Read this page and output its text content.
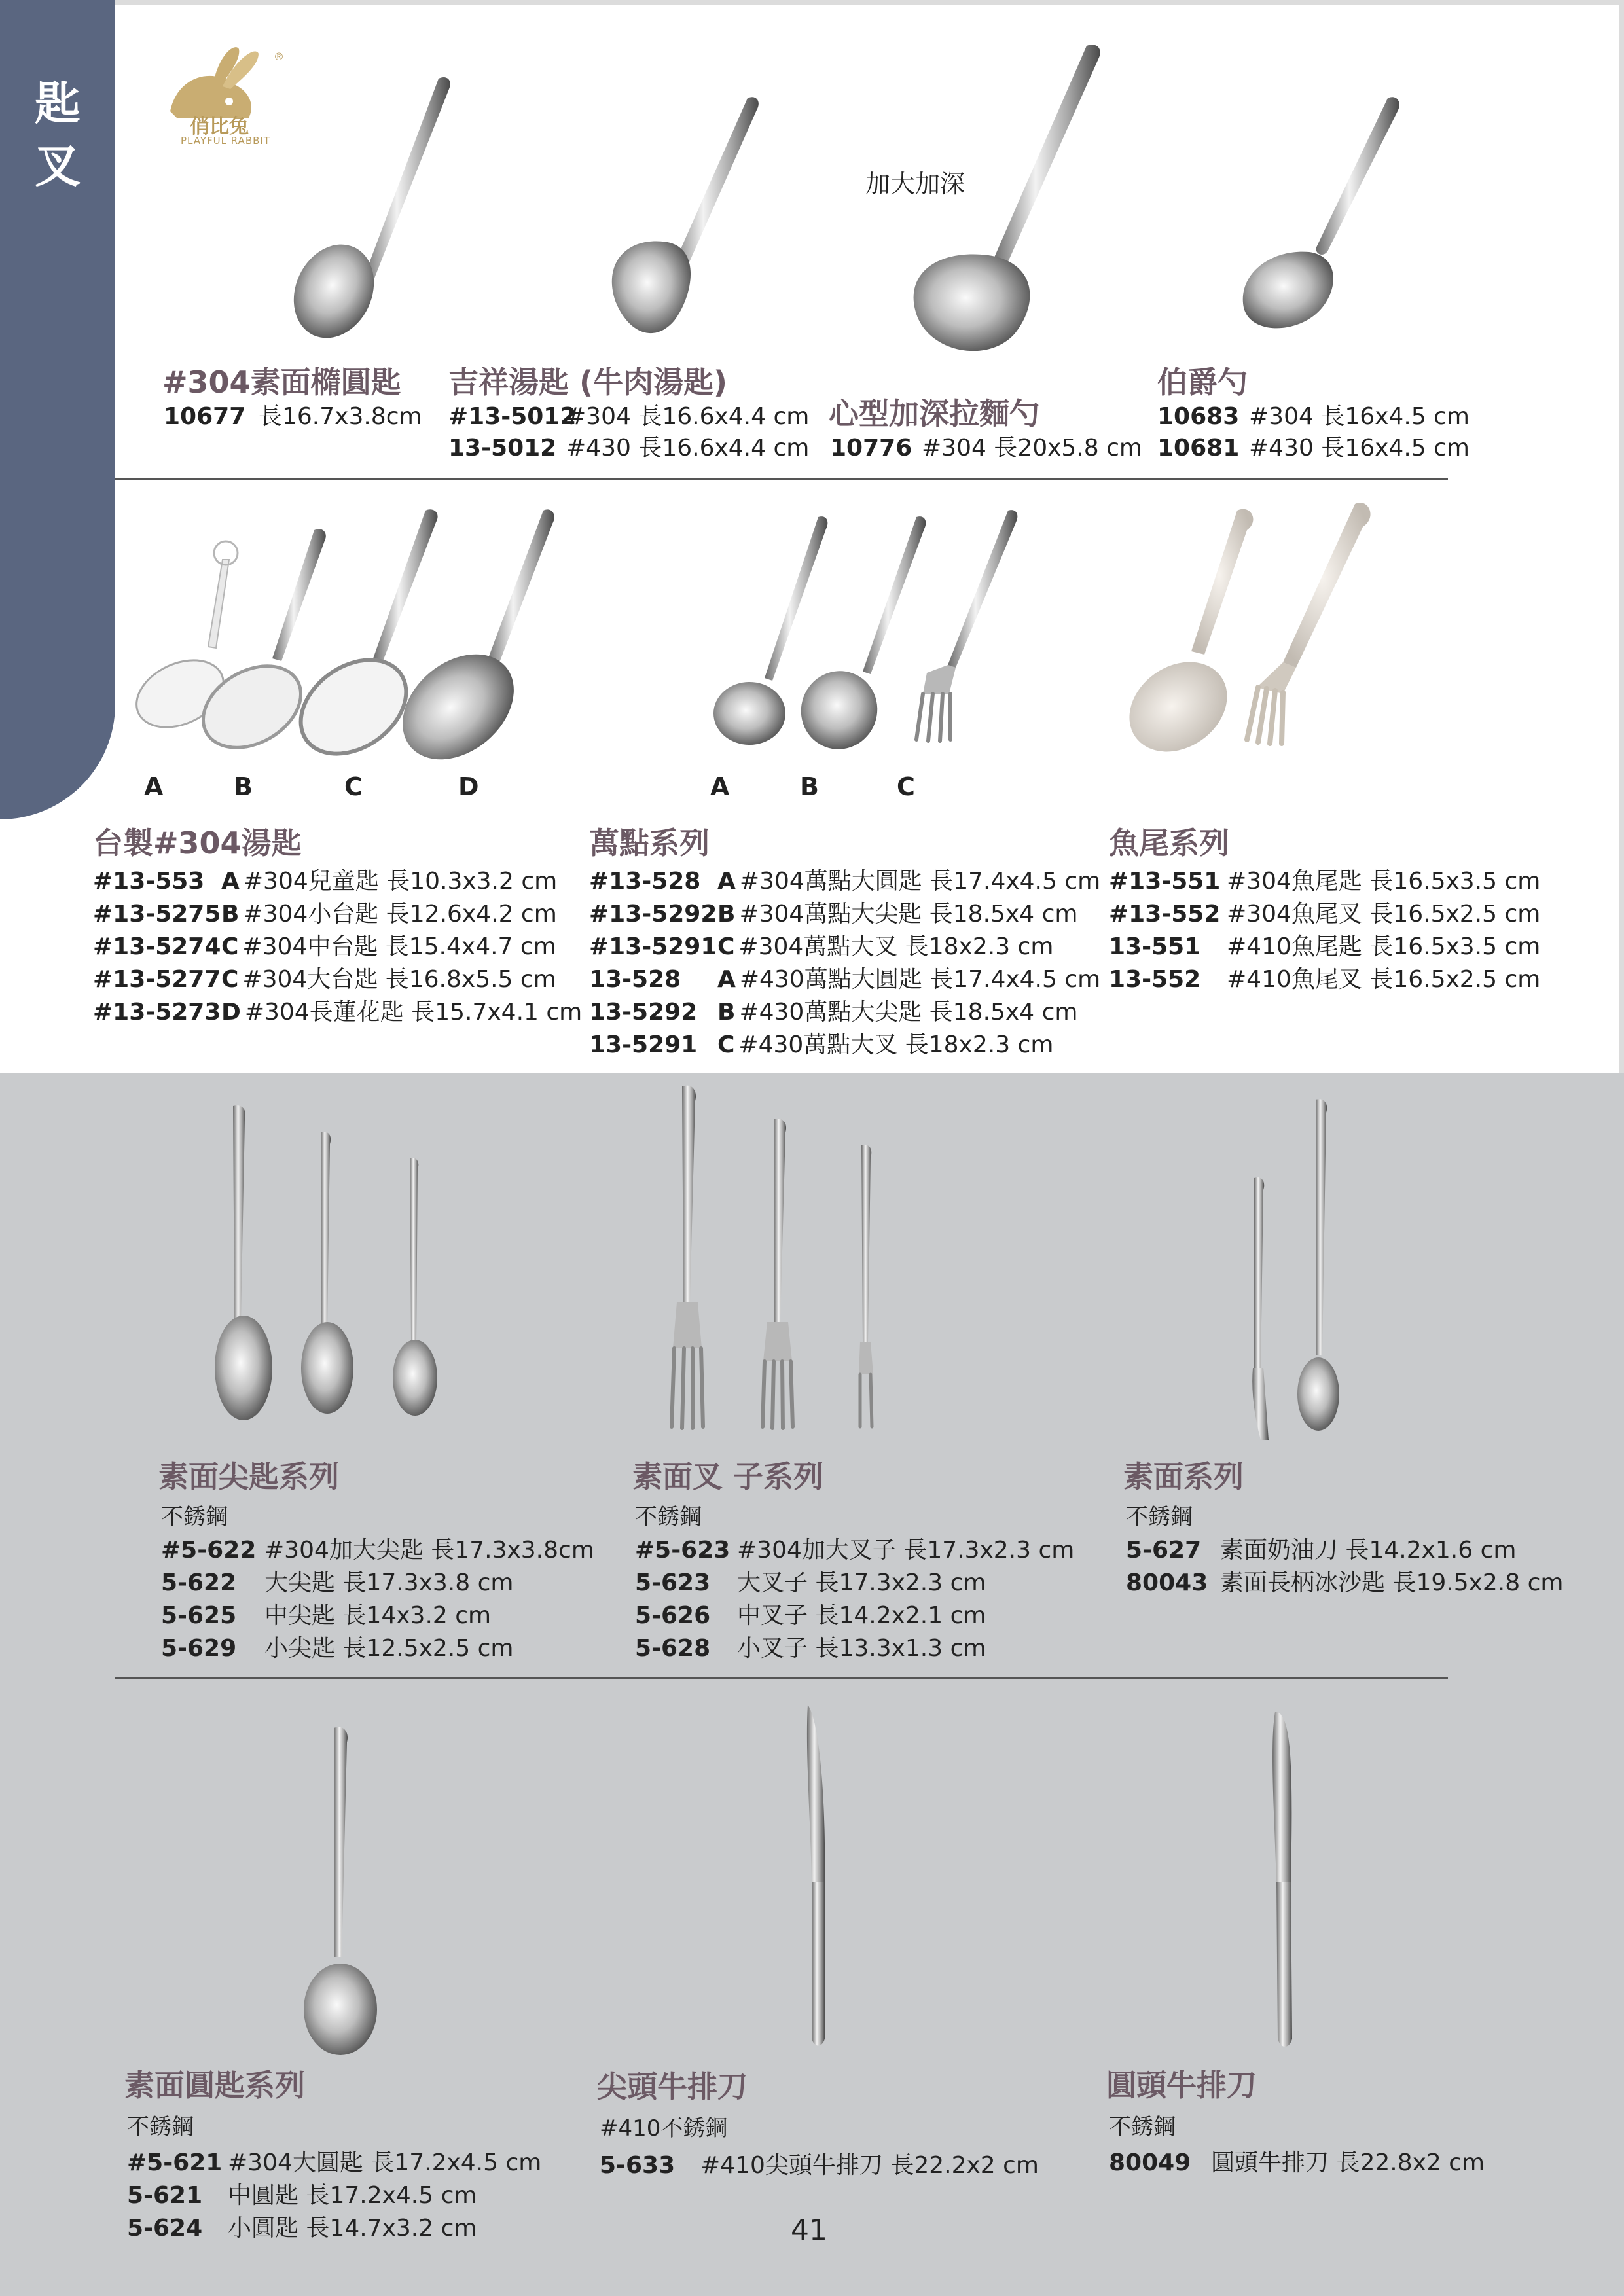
匙
叉
®
俏比兔
PLAYFUL RABBIT
加大加深
#304素面橢圓匙
10677 長16.7x3.8cm
吉祥湯匙 (牛肉湯匙)
#13-5012#304 長16.6x4.4 cm
13-5012 #430 長16.6x4.4 cm
心型加深拉麵勺
10776 #304 長20x5.8 cm
伯爵勺
10683 #304 長16x4.5 cm
10681 #430 長16x4.5 cm
A	B	C	D	A	B	C
台製#304湯匙
#13-553 A #304兒童匙 長10.3x3.2 cm
#13-5275B #304小台匙 長12.6x4.2 cm
#13-5274C #304中台匙 長15.4x4.7 cm
#13-5277C #304大台匙 長16.8x5.5 cm
#13-5273D #304長蓮花匙 長15.7x4.1 cm
萬點系列
#13-528 A #304萬點大圓匙 長17.4x4.5 cm
#13-5292B #304萬點大尖匙 長18.5x4 cm
#13-5291C #304萬點大叉 長18x2.3 cm
13-528 A #430萬點大圓匙 長17.4x4.5 cm
13-5292 B #430萬點大尖匙 長18.5x4 cm
13-5291 C #430萬點大叉 長18x2.3 cm
魚尾系列
#13-551 #304魚尾匙 長16.5x3.5 cm
#13-552 #304魚尾叉 長16.5x2.5 cm
13-551 #410魚尾匙 長16.5x3.5 cm
13-552 #410魚尾叉 長16.5x2.5 cm
素面尖匙系列
不銹鋼
#5-622 #304加大尖匙 長17.3x3.8cm
5-622 大尖匙 長17.3x3.8 cm
5-625 中尖匙 長14x3.2 cm
5-629 小尖匙 長12.5x2.5 cm
素面叉 子系列
不銹鋼
#5-623 #304加大叉子 長17.3x2.3 cm
5-623 大叉子 長17.3x2.3 cm
5-626 中叉子 長14.2x2.1 cm
5-628 小叉子 長13.3x1.3 cm
素面系列
不銹鋼
5-627 素面奶油刀 長14.2x1.6 cm
80043 素面長柄冰沙匙 長19.5x2.8 cm
素面圓匙系列
不銹鋼
#5-621 #304大圓匙 長17.2x4.5 cm
5-621 中圓匙 長17.2x4.5 cm
5-624 小圓匙 長14.7x3.2 cm
尖頭牛排刀
#410不銹鋼
5-633 #410尖頭牛排刀 長22.2x2 cm
圓頭牛排刀
不銹鋼
80049 圓頭牛排刀 長22.8x2 cm
41
